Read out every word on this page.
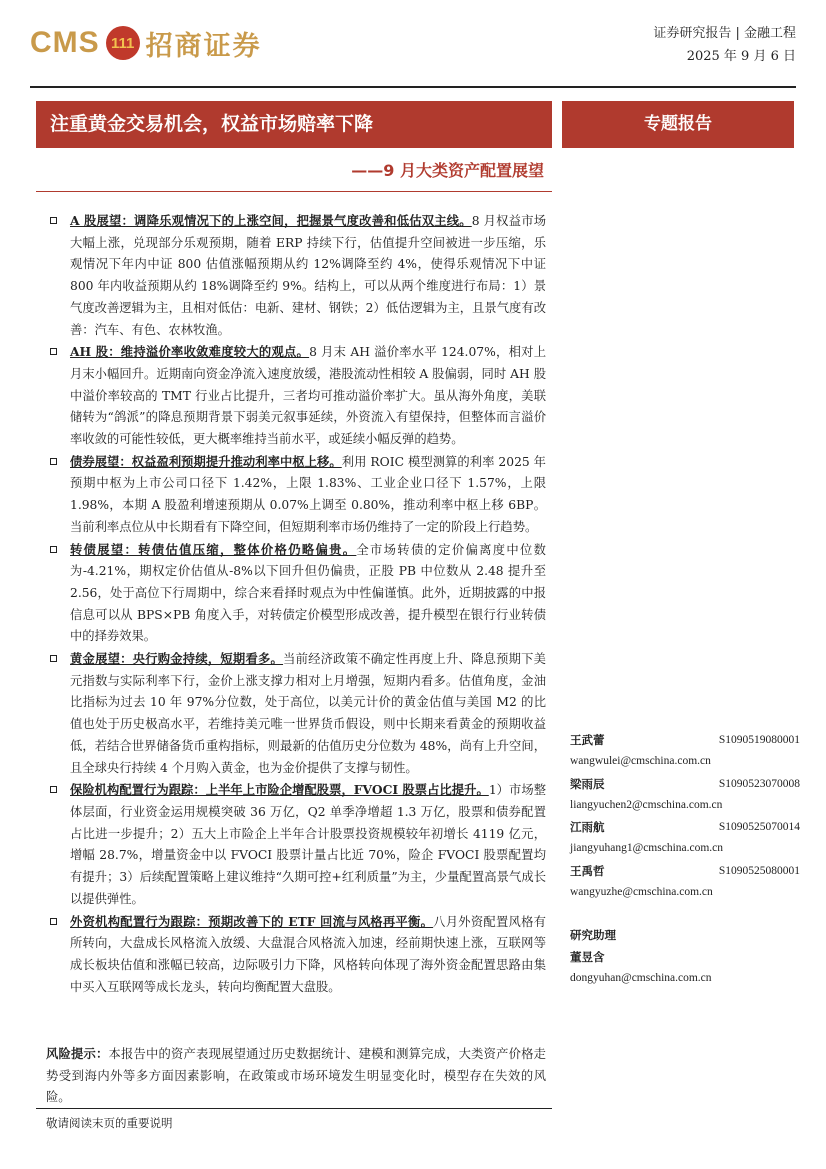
CMS 111 招商证券	证券研究报告 | 金融工程
2025 年 9 月 6 日
注重黄金交易机会，权益市场赔率下降	专题报告
——9 月大类资产配置展望
A 股展望：调降乐观情况下的上涨空间，把握景气度改善和低估双主线。8 月权益市场大幅上涨，兑现部分乐观预期，随着 ERP 持续下行，估值提升空间被进一步压缩，乐观情况下年内中证 800 估值涨幅预期从约 12%调降至约 4%，使得乐观情况下中证 800 年内收益预期从约 18%调降至约 9%。结构上，可以从两个维度进行布局：1）景气度改善逻辑为主，且相对低估：电新、建材、钢铁；2）低估逻辑为主，且景气度有改善：汽车、有色、农林牧渔。
AH 股：维持溢价率收敛难度较大的观点。8 月末 AH 溢价率水平 124.07%，相对上月末小幅回升。近期南向资金净流入速度放缓，港股流动性相较 A 股偏弱，同时 AH 股中溢价率较高的 TMT 行业占比提升，三者均可推动溢价率扩大。虽从海外角度，美联储转为“鸽派”的降息预期背景下弱美元叙事延续，外资流入有望保持，但整体而言溢价率收敛的可能性较低，更大概率维持当前水平，或延续小幅反弹的趋势。
债券展望：权益盈利预期提升推动利率中枢上移。利用 ROIC 模型测算的利率 2025 年预期中枢为上市公司口径下 1.42%，上限 1.83%、工业企业口径下 1.57%，上限 1.98%，本期 A 股盈利增速预期从 0.07%上调至 0.80%，推动利率中枢上移 6BP。当前利率点位从中长期看有下降空间，但短期利率市场仍维持了一定的阶段上行趋势。
转债展望：转债估值压缩，整体价格仍略偏贵。全市场转债的定价偏离度中位数为-4.21%，期权定价估值从-8%以下回升但仍偏贵，正股 PB 中位数从 2.48 提升至 2.56，处于高位下行周期中，综合来看择时观点为中性偏谨慎。此外，近期披露的中报信息可以从 BPS×PB 角度入手，对转债定价模型形成改善，提升模型在银行行业转债中的择券效果。
黄金展望：央行购金持续，短期看多。当前经济政策不确定性再度上升、降息预期下美元指数与实际利率下行，金价上涨支撑力相对上月增强，短期内看多。估值角度，金油比指标为过去 10 年 97%分位数，处于高位，以美元计价的黄金估值与美国 M2 的比值也处于历史极高水平，若维持美元唯一世界货币假设，则中长期来看黄金的预期收益低，若结合世界储备货币重构指标，则最新的估值历史分位数为 48%，尚有上升空间，且全球央行持续 4 个月购入黄金，也为金价提供了支撑与韧性。
保险机构配置行为跟踪：上半年上市险企增配股票，FVOCI 股票占比提升。1）市场整体层面，行业资金运用规模突破 36 万亿，Q2 单季净增超 1.3 万亿，股票和债券配置占比进一步提升；2）五大上市险企上半年合计股票投资规模较年初增长 4119 亿元，增幅 28.7%，增量资金中以 FVOCI 股票计量占比近 70%，险企 FVOCI 股票配置均有提升；3）后续配置策略上建议维持“久期可控+红利质量”为主，少量配置高景气成长以提供弹性。
外资机构配置行为跟踪：预期改善下的 ETF 回流与风格再平衡。八月外资配置风格有所转向，大盘成长风格流入放缓、大盘混合风格流入加速，经前期快速上涨，互联网等成长板块估值和涨幅已较高，边际吸引力下降，风格转向体现了海外资金配置思路由集中买入互联网等成长龙头，转向均衡配置大盘股。
风险提示：本报告中的资产表现展望通过历史数据统计、建模和测算完成，大类资产价格走势受到海内外等多方面因素影响，在政策或市场环境发生明显变化时，模型存在失效的风险。
敬请阅读末页的重要说明
王武蕾	S1090519080001
wangwulei@cmschina.com.cn
梁雨辰	S1090523070008
liangyuchen2@cmschina.com.cn
江雨航	S1090525070014
jiangyuhang1@cmschina.com.cn
王禹哲	S1090525080001
wangyuzhe@cmschina.com.cn
研究助理
董昱含
dongyuhan@cmschina.com.cn
